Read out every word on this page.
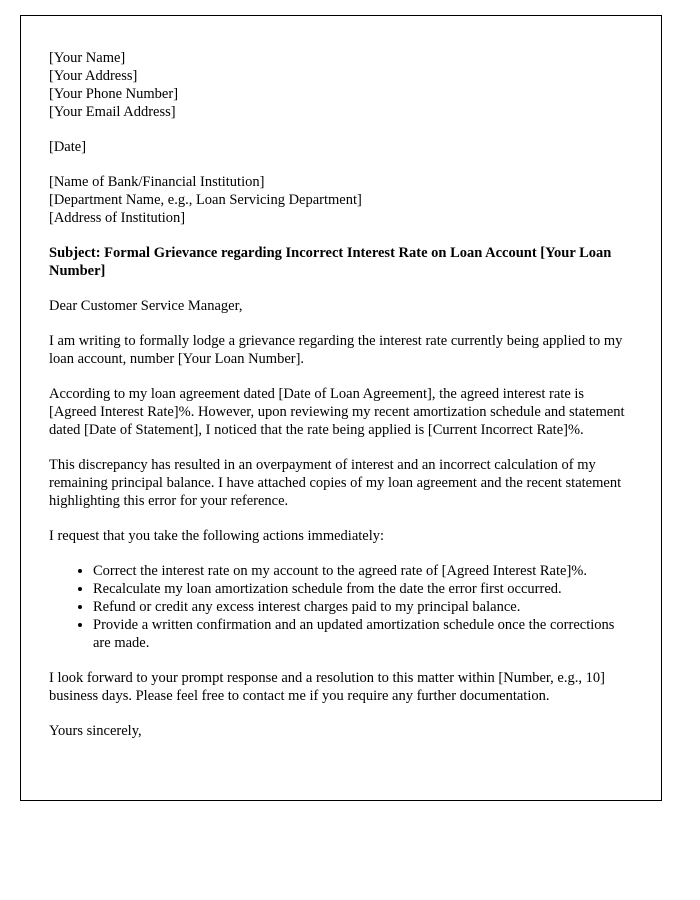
[Your Name]

[Your Address]

[Your Phone Number]

[Your Email Address]

[Date]

[Name of Bank/Financial Institution]

[Department Name, e.g., Loan Servicing Department]

[Address of Institution]

Subject: Formal Grievance regarding Incorrect Interest Rate on Loan Account [Your Loan Number]

Dear Customer Service Manager,

I am writing to formally lodge a grievance regarding the interest rate currently being applied to my loan account, number [Your Loan Number].

According to my loan agreement dated [Date of Loan Agreement], the agreed interest rate is [Agreed Interest Rate]%. However, upon reviewing my recent amortization schedule and statement dated [Date of Statement], I noticed that the rate being applied is [Current Incorrect Rate]%.

This discrepancy has resulted in an overpayment of interest and an incorrect calculation of my remaining principal balance. I have attached copies of my loan agreement and the recent statement highlighting this error for your reference.

I request that you take the following actions immediately:

• Correct the interest rate on my account to the agreed rate of [Agreed Interest Rate]%.
• Recalculate my loan amortization schedule from the date the error first occurred.
• Refund or credit any excess interest charges paid to my principal balance.
• Provide a written confirmation and an updated amortization schedule once the corrections are made.

I look forward to your prompt response and a resolution to this matter within [Number, e.g., 10] business days. Please feel free to contact me if you require any further documentation.

Yours sincerely,
